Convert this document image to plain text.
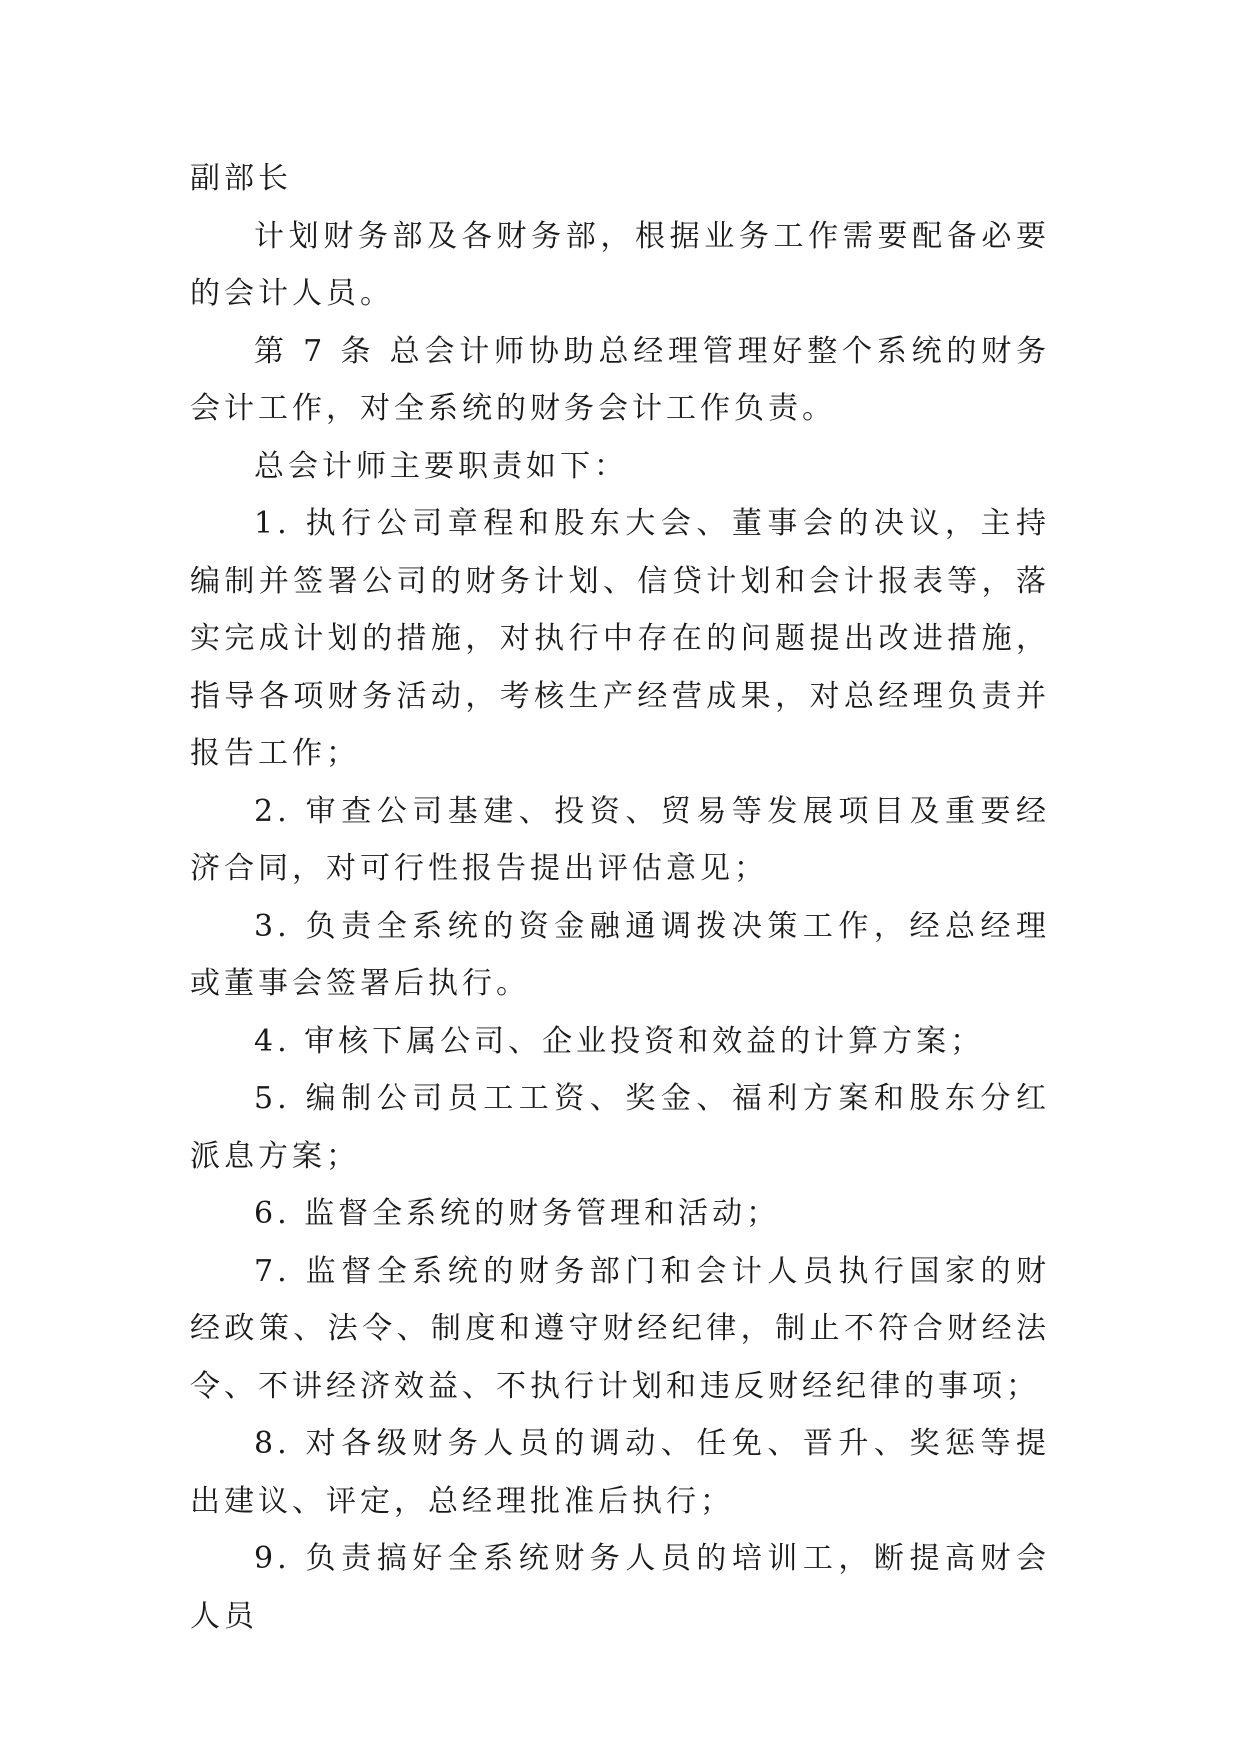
副部长

计划财务部及各财务部，根据业务工作需要配备必要的会计人员。

第 7 条 总会计师协助总经理管理好整个系统的财务会计工作，对全系统的财务会计工作负责。

总会计师主要职责如下：

1. 执行公司章程和股东大会、董事会的决议，主持编制并签署公司的财务计划、信贷计划和会计报表等，落实完成计划的措施，对执行中存在的问题提出改进措施，指导各项财务活动，考核生产经营成果，对总经理负责并报告工作；

2. 审查公司基建、投资、贸易等发展项目及重要经济合同，对可行性报告提出评估意见；

3. 负责全系统的资金融通调拨决策工作，经总经理或董事会签署后执行。

4. 审核下属公司、企业投资和效益的计算方案；

5. 编制公司员工工资、奖金、福利方案和股东分红派息方案；

6. 监督全系统的财务管理和活动；

7. 监督全系统的财务部门和会计人员执行国家的财经政策、法令、制度和遵守财经纪律，制止不符合财经法令、不讲经济效益、不执行计划和违反财经纪律的事项；

8. 对各级财务人员的调动、任免、晋升、奖惩等提出建议、评定，总经理批准后执行；

9. 负责搞好全系统财务人员的培训工，断提高财会人员
